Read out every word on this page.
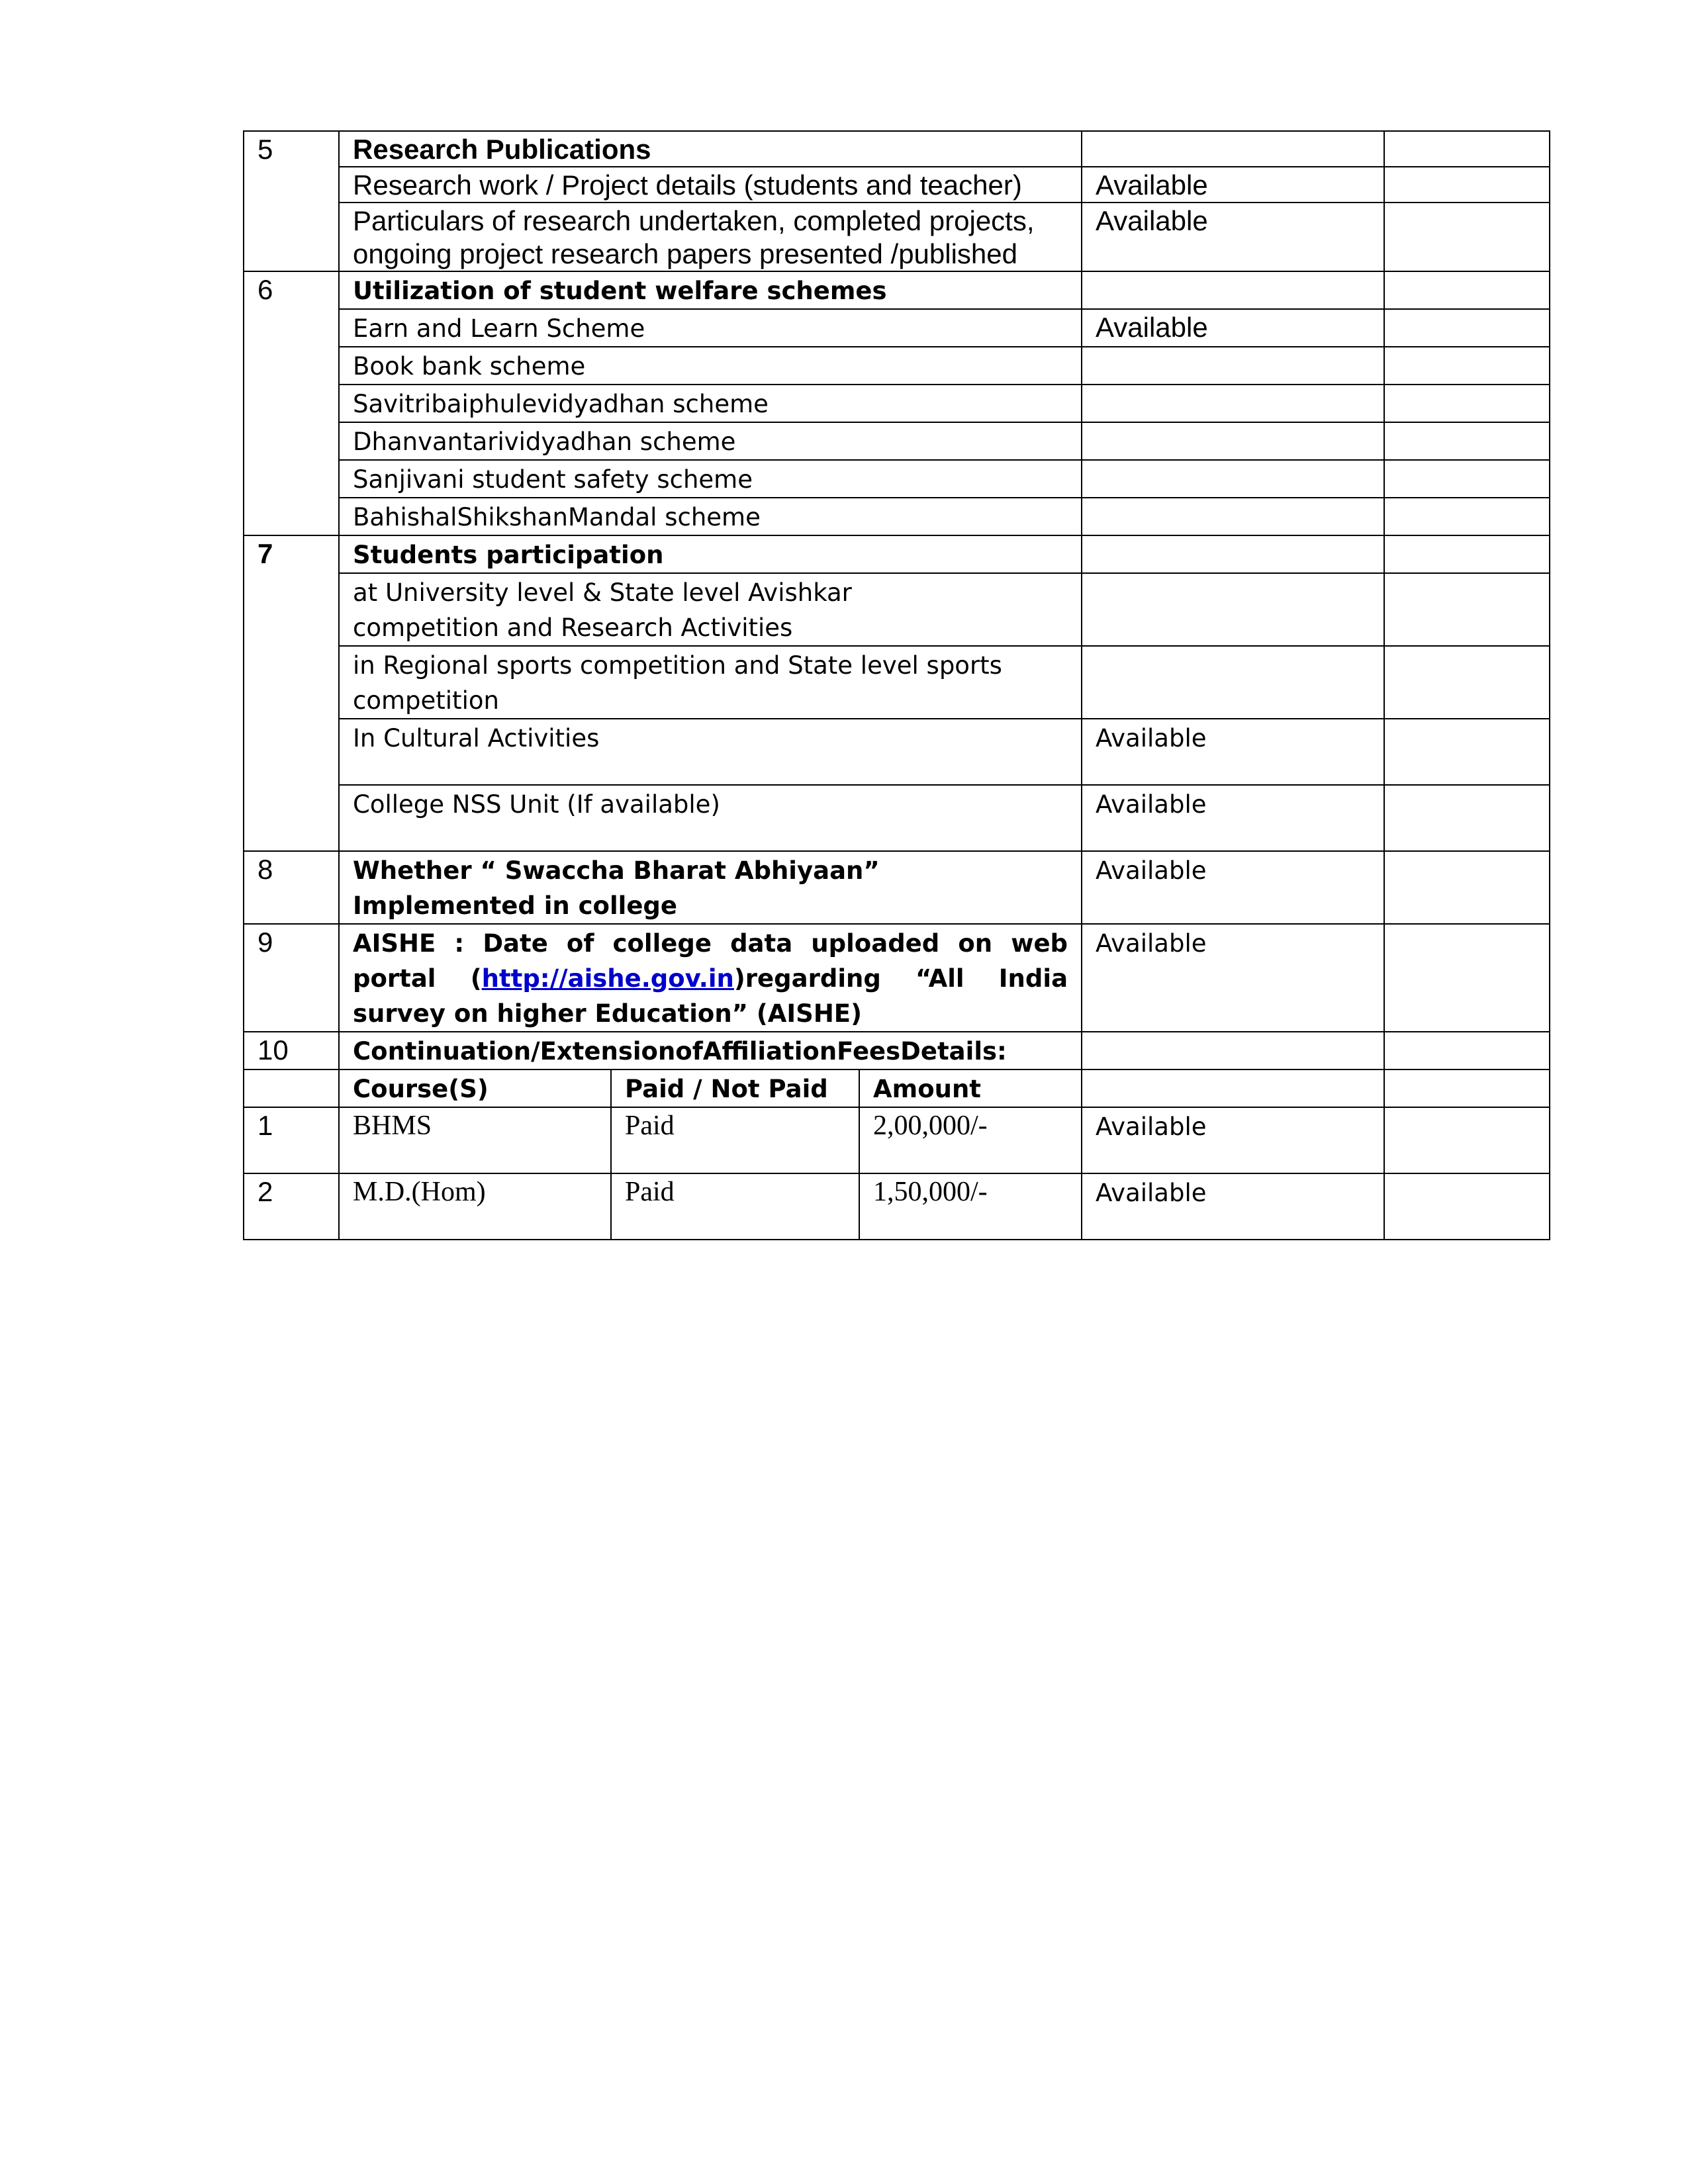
5	Research Publications				
	Research work / Project details (students and teacher)			Available	
	Particulars of research undertaken, completed projects, ongoing project research papers presented /published			Available	
6	Utilization of student welfare schemes				
	Earn and Learn Scheme			Available	
	Book bank scheme				
	Savitribaiphulevidyadhan scheme				
	Dhanvantarividyadhan scheme				
	Sanjivani student safety scheme				
	BahishalShikshanMandal scheme				
7	Students participation				

	at University level & State level Avishkar competition and Research Activities				

	in Regional sports competition and State level sports competition				

	In Cultural Activities			Available	
	College NSS Unit (If available)			Available	
8	Whether “ Swaccha Bharat Abhiyaan” Implemented in college			Available	
9	AISHE : Date of college data uploaded on web portal (http://aishe.gov.in)regarding “All India survey on higher Education” (AISHE)			Available	
10	Continuation/ExtensionofAffiliationFeesDetails:				
	Course(S)	Paid / Not Paid	Amount		
1	BHMS	Paid	2,00,000/-	Available	
2	M.D.(Hom)	Paid	1,50,000/-	Available	
